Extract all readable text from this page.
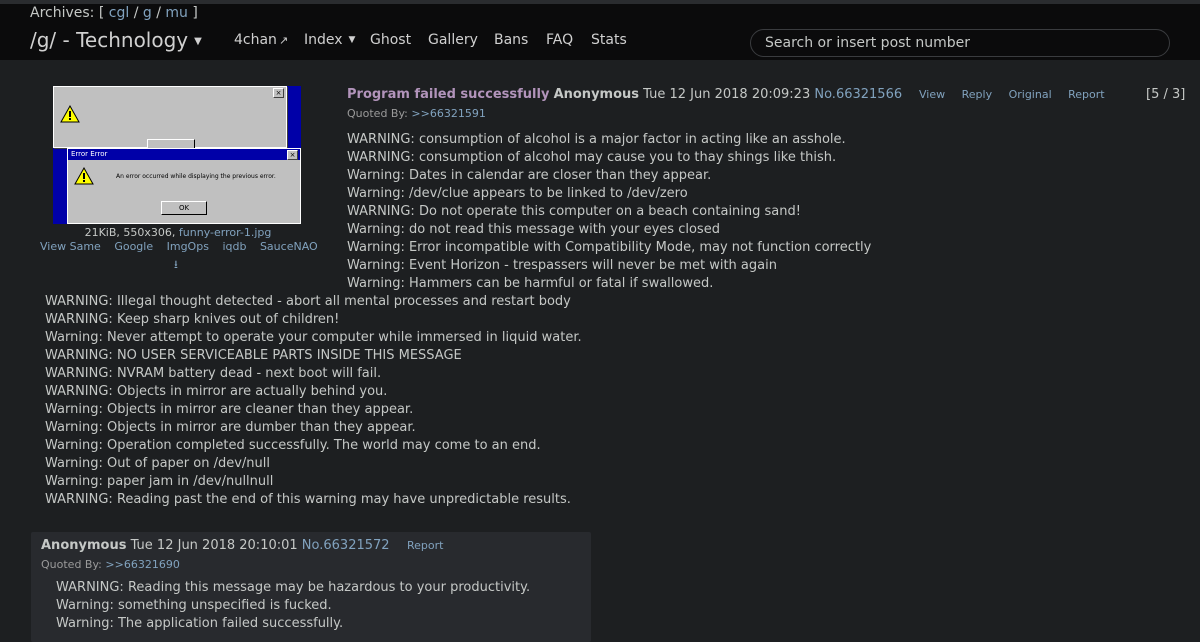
Archives: [ cgl / g / mu ]
/g/ - Technology ▼ 4chan ↗ Index ▼ Ghost Gallery Bans FAQ Stats	Search or insert post number
×
Error Error	×
An error occurred while displaying the previous error.
OK
21KiB, 550x306, funny-error-1.jpg
View Same Google ImgOps iqdb SauceNAO
⭳
Program failed successfully Anonymous Tue 12 Jun 2018 20:09:23 No.66321566 View Reply Original Report	[5 / 3]
Quoted By: >>66321591
WARNING: consumption of alcohol is a major factor in acting like an asshole.
WARNING: consumption of alcohol may cause you to thay shings like thish.
Warning: Dates in calendar are closer than they appear.
Warning: /dev/clue appears to be linked to /dev/zero
WARNING: Do not operate this computer on a beach containing sand!
Warning: do not read this message with your eyes closed
Warning: Error incompatible with Compatibility Mode, may not function correctly
Warning: Event Horizon - trespassers will never be met with again
Warning: Hammers can be harmful or fatal if swallowed.
WARNING: Illegal thought detected - abort all mental processes and restart body
WARNING: Keep sharp knives out of children!
Warning: Never attempt to operate your computer while immersed in liquid water.
WARNING: NO USER SERVICEABLE PARTS INSIDE THIS MESSAGE
WARNING: NVRAM battery dead - next boot will fail.
WARNING: Objects in mirror are actually behind you.
Warning: Objects in mirror are cleaner than they appear.
Warning: Objects in mirror are dumber than they appear.
Warning: Operation completed successfully. The world may come to an end.
Warning: Out of paper on /dev/null
Warning: paper jam in /dev/nullnull
WARNING: Reading past the end of this warning may have unpredictable results.
Anonymous Tue 12 Jun 2018 20:10:01 No.66321572 Report
Quoted By: >>66321690
WARNING: Reading this message may be hazardous to your productivity.
Warning: something unspecified is fucked.
Warning: The application failed successfully.
